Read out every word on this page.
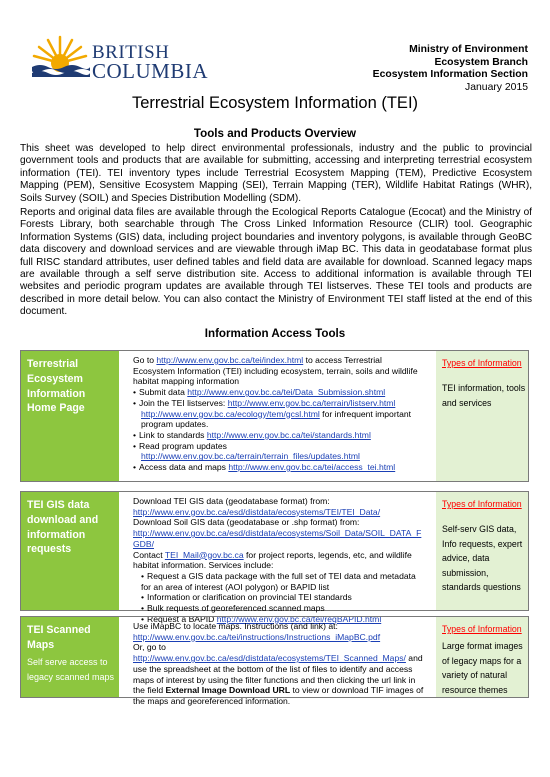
BRITISH
COLUMBIA
Ministry of Environment
Ecosystem Branch
Ecosystem Information Section
January 2015
Terrestrial Ecosystem Information (TEI)
Tools and Products Overview
This sheet was developed to help direct environmental professionals, industry and the public to provincial government tools and products that are available for submitting, accessing and interpreting terrestrial ecosystem information (TEI). TEI inventory types include Terrestrial Ecosystem Mapping (TEM), Predictive Ecosystem Mapping (PEM), Sensitive Ecosystem Mapping (SEI), Terrain Mapping (TER), Wildlife Habitat Ratings (WHR), Soils Survey (SOIL) and Species Distribution Modelling (SDM).
Reports and original data files are available through the Ecological Reports Catalogue (Ecocat) and the Ministry of Forests Library, both searchable through The Cross Linked Information Resource (CLIR) tool. Geographic Information Systems (GIS) data, including project boundaries and inventory polygons, is available through GeoBC data discovery and download services and are viewable through iMap BC. This data in geodatabase format plus full RISC standard attributes, user defined tables and field data are available for download. Scanned legacy maps are available through a self serve distribution site. Access to additional information is available through TEI websites and periodic program updates are available through TEI listserves. These TEI tools and products are described in more detail below. You can also contact the Ministry of Environment TEI staff listed at the end of this document.
Information Access Tools
Terrestrial Ecosystem Information Home Page
Go to http://www.env.gov.bc.ca/tei/index.html to access Terrestrial Ecosystem Information (TEI) including ecosystem, terrain, soils and wildlife habitat mapping information
• Submit data http://www.env.gov.bc.ca/tei/Data_Submission.shtml
• Join the TEI listserves: http://www.env.gov.bc.ca/terrain/listserv.html
http://www.env.gov.bc.ca/ecology/tem/gcsl.html for infrequent important program updates.
• Link to standards http://www.env.gov.bc.ca/tei/standards.html
• Read program updates
http://www.env.gov.bc.ca/terrain/terrain_files/updates.html
• Access data and maps http://www.env.gov.bc.ca/tei/access_tei.html
Types of Information
TEI information, tools and services
TEI GIS data download and information requests
Download TEI GIS data (geodatabase format) from:
http://www.env.gov.bc.ca/esd/distdata/ecosystems/TEI/TEI_Data/
Download Soil GIS data (geodatabase or .shp format) from:
http://www.env.gov.bc.ca/esd/distdata/ecosystems/Soil_Data/SOIL_DATA_FGDB/
Contact TEI_Mail@gov.bc.ca for project reports, legends, etc, and wildlife habitat information. Services include:
• Request a GIS data package with the full set of TEI data and metadata for an area of interest (AOI polygon) or BAPID list
• Information or clarification on provincial TEI standards
• Bulk requests of georeferenced scanned maps
• Request a BAPID http://www.env.gov.bc.ca/tei/reqBAPID.html
Types of Information
Self-serv GIS data, Info requests, expert advice, data submission, standards questions
TEI Scanned Maps
Self serve access to legacy scanned maps
Use iMapBC to locate maps. Instructions (and link) at:
http://www.env.gov.bc.ca/tei/instructions/Instructions_iMapBC.pdf
Or, go to
http://www.env.gov.bc.ca/esd/distdata/ecosystems/TEI_Scanned_Maps/ and use the spreadsheet at the bottom of the list of files to identify and access maps of interest by using the filter functions and then clicking the url link in the field External Image Download URL to view or download TIF images of the maps and georeferenced information.
Types of Information
Large format images of legacy maps for a variety of natural resource themes
